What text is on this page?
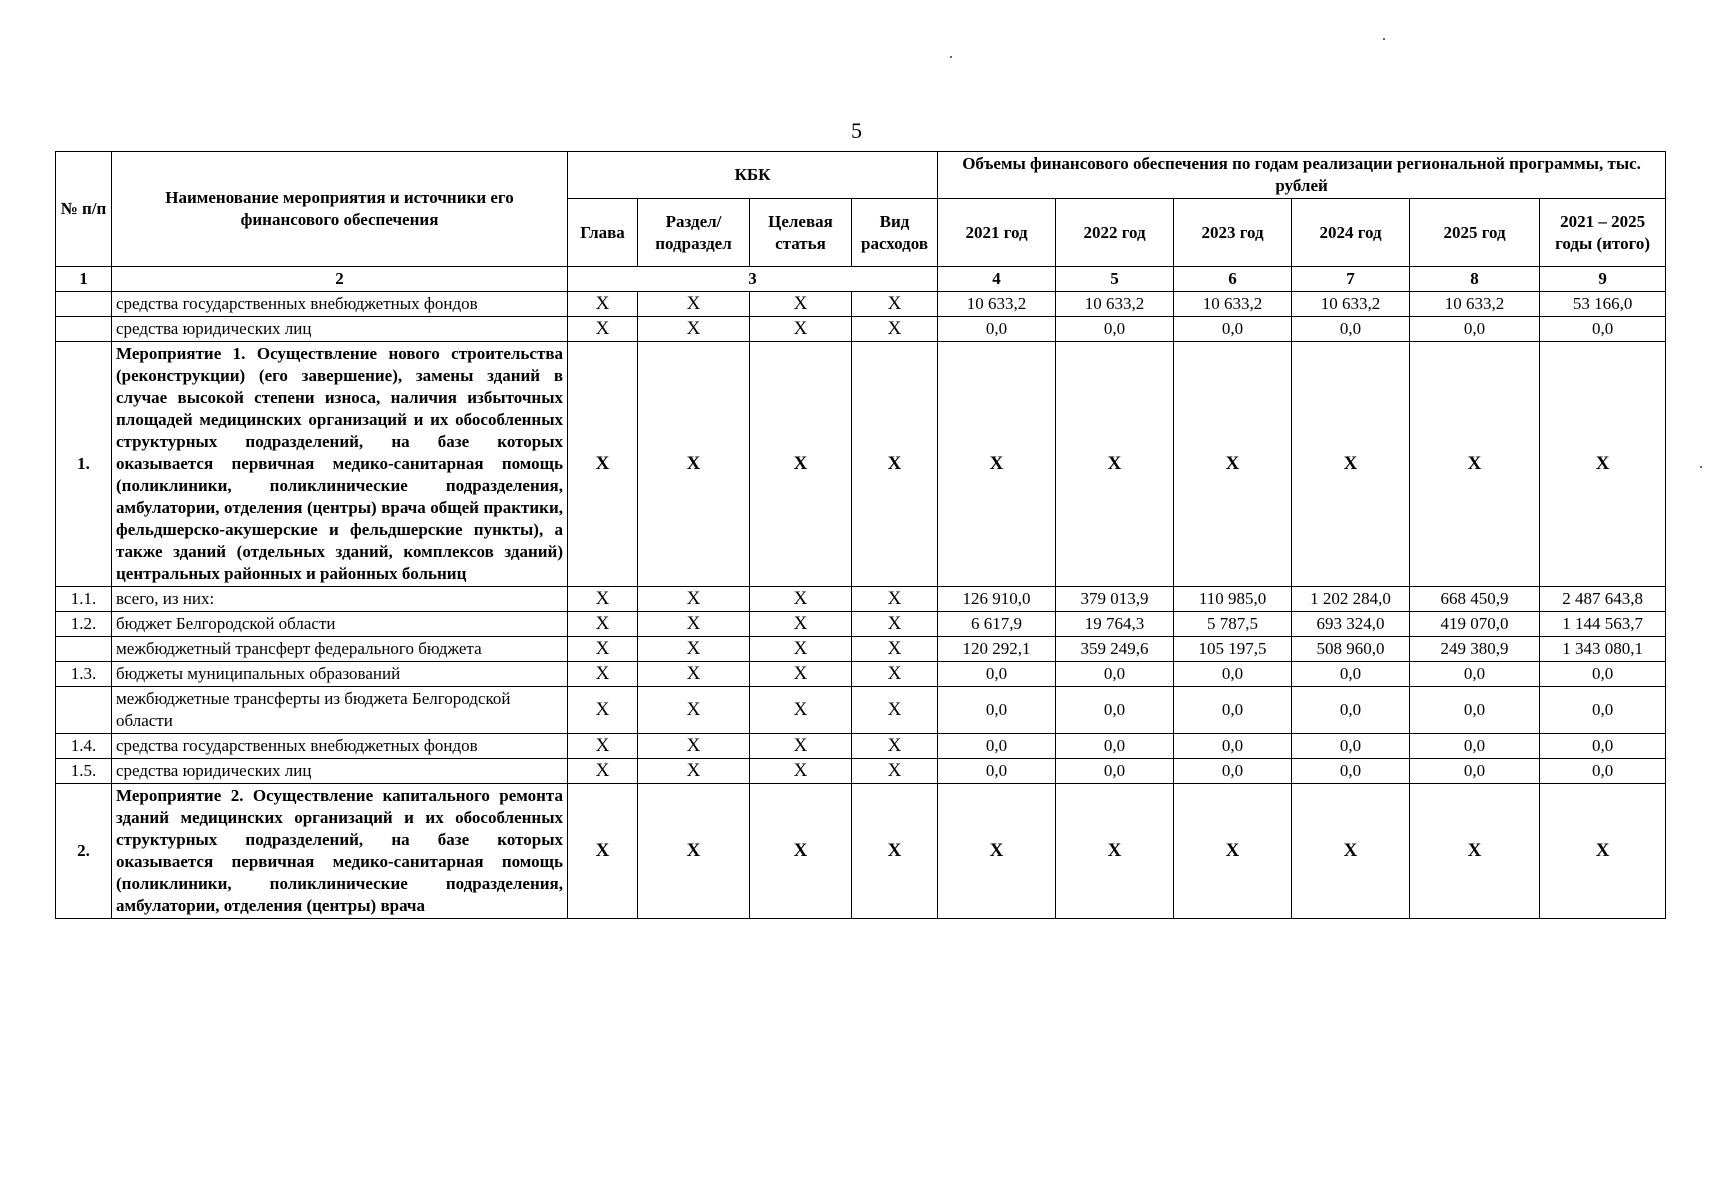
5
№ п/п	Наименование мероприятия и источники его финансового обеспечения	КБК				Объемы финансового обеспечения по годам реализации региональной программы, тыс. рублей					
		Глава	Раздел/ подраздел	Целевая статья	Вид расходов	2021 год	2022 год	2023 год	2024 год	2025 год	2021 – 2025 годы (итого)
1	2	3				4	5	6	7	8	9
	средства государственных внебюджетных фондов	Х	Х	Х	Х	10 633,2	10 633,2	10 633,2	10 633,2	10 633,2	53 166,0
	средства юридических лиц	Х	Х	Х	Х	0,0	0,0	0,0	0,0	0,0	0,0
1.	Мероприятие 1. Осуществление нового строительства (реконструкции) (его завершение), замены зданий в случае высокой степени износа, наличия избыточных площадей медицинских организаций и их обособленных структурных подразделений, на базе которых оказывается первичная медико-санитарная помощь (поликлиники, поликлинические подразделения, амбулатории, отделения (центры) врача общей практики, фельдшерско-акушерские и фельдшерские пункты), а также зданий (отдельных зданий, комплексов зданий) центральных районных и районных больниц	Х	Х	Х	Х	Х	Х	Х	Х	Х	Х
1.1.	всего, из них:	Х	Х	Х	Х	126 910,0	379 013,9	110 985,0	1 202 284,0	668 450,9	2 487 643,8
1.2.	бюджет Белгородской области	Х	Х	Х	Х	6 617,9	19 764,3	5 787,5	693 324,0	419 070,0	1 144 563,7
	межбюджетный трансферт федерального бюджета	Х	Х	Х	Х	120 292,1	359 249,6	105 197,5	508 960,0	249 380,9	1 343 080,1
1.3.	бюджеты муниципальных образований	Х	Х	Х	Х	0,0	0,0	0,0	0,0	0,0	0,0
	межбюджетные трансферты из бюджета Белгородской области	Х	Х	Х	Х	0,0	0,0	0,0	0,0	0,0	0,0
1.4.	средства государственных внебюджетных фондов	Х	Х	Х	Х	0,0	0,0	0,0	0,0	0,0	0,0
1.5.	средства юридических лиц	Х	Х	Х	Х	0,0	0,0	0,0	0,0	0,0	0,0
2.	Мероприятие 2. Осуществление капитального ремонта зданий медицинских организаций и их обособленных структурных подразделений, на базе которых оказывается первичная медико-санитарная помощь (поликлиники, поликлинические подразделения, амбулатории, отделения (центры) врача	Х	Х	Х	Х	Х	Х	Х	Х	Х	Х
